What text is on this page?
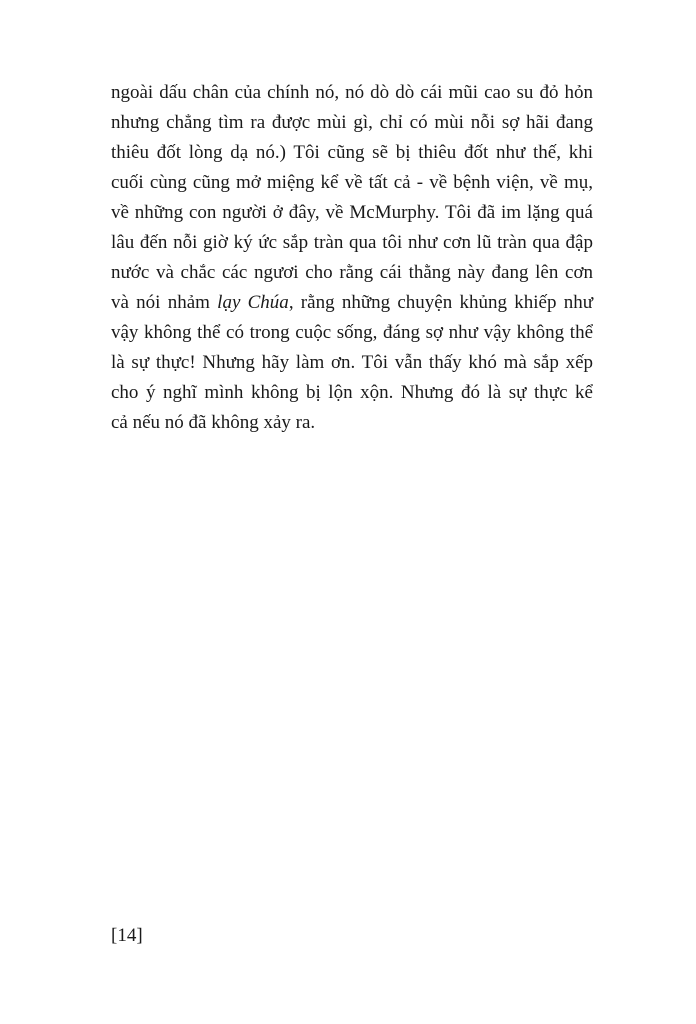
ngoài dấu chân của chính nó, nó dò dò cái mũi cao su đỏ hỏn
nhưng chẳng tìm ra được mùi gì, chỉ có mùi nỗi sợ hãi đang
thiêu đốt lòng dạ nó.) Tôi cũng sẽ bị thiêu đốt như thế, khi
cuối cùng cũng mở miệng kể về tất cả - về bệnh viện, về mụ,
về những con người ở đây, về McMurphy. Tôi đã im lặng quá
lâu đến nỗi giờ ký ức sắp tràn qua tôi như cơn lũ tràn qua đập
nước và chắc các ngươi cho rằng cái thằng này đang lên cơn
và nói nhảm lạy Chúa, rằng những chuyện khủng khiếp như
vậy không thể có trong cuộc sống, đáng sợ như vậy không thể
là sự thực! Nhưng hãy làm ơn. Tôi vẫn thấy khó mà sắp xếp
cho ý nghĩ mình không bị lộn xộn. Nhưng đó là sự thực kể
cả nếu nó đã không xảy ra.
[14]
